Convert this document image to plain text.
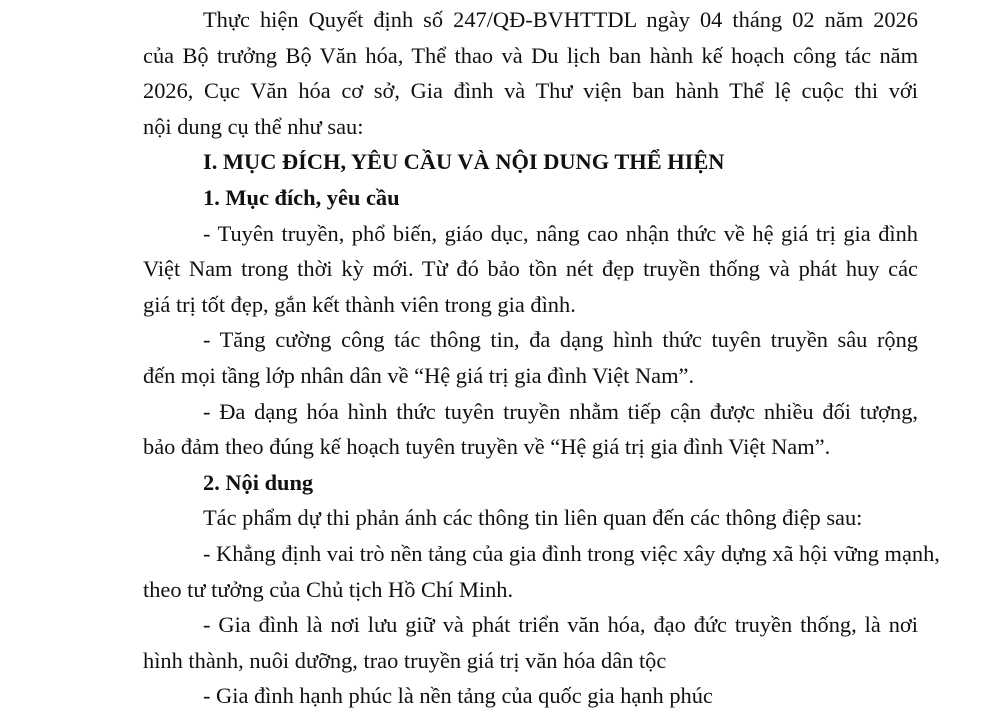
Thực hiện Quyết định số 247/QĐ-BVHTTDL ngày 04 tháng 02 năm 2026
của Bộ trưởng Bộ Văn hóa, Thể thao và Du lịch ban hành kế hoạch công tác năm
2026, Cục Văn hóa cơ sở, Gia đình và Thư viện ban hành Thể lệ cuộc thi với
nội dung cụ thể như sau:
I. MỤC ĐÍCH, YÊU CẦU VÀ NỘI DUNG THỂ HIỆN
1. Mục đích, yêu cầu
- Tuyên truyền, phổ biến, giáo dục, nâng cao nhận thức về hệ giá trị gia đình
Việt Nam trong thời kỳ mới. Từ đó bảo tồn nét đẹp truyền thống và phát huy các
giá trị tốt đẹp, gắn kết thành viên trong gia đình.
- Tăng cường công tác thông tin, đa dạng hình thức tuyên truyền sâu rộng
đến mọi tầng lớp nhân dân về “Hệ giá trị gia đình Việt Nam”.
- Đa dạng hóa hình thức tuyên truyền nhằm tiếp cận được nhiều đối tượng,
bảo đảm theo đúng kế hoạch tuyên truyền về “Hệ giá trị gia đình Việt Nam”.
2. Nội dung
Tác phẩm dự thi phản ánh các thông tin liên quan đến các thông điệp sau:
- Khẳng định vai trò nền tảng của gia đình trong việc xây dựng xã hội vững mạnh,
theo tư tưởng của Chủ tịch Hồ Chí Minh.
- Gia đình là nơi lưu giữ và phát triển văn hóa, đạo đức truyền thống, là nơi
hình thành, nuôi dưỡng, trao truyền giá trị văn hóa dân tộc
- Gia đình hạnh phúc là nền tảng của quốc gia hạnh phúc
